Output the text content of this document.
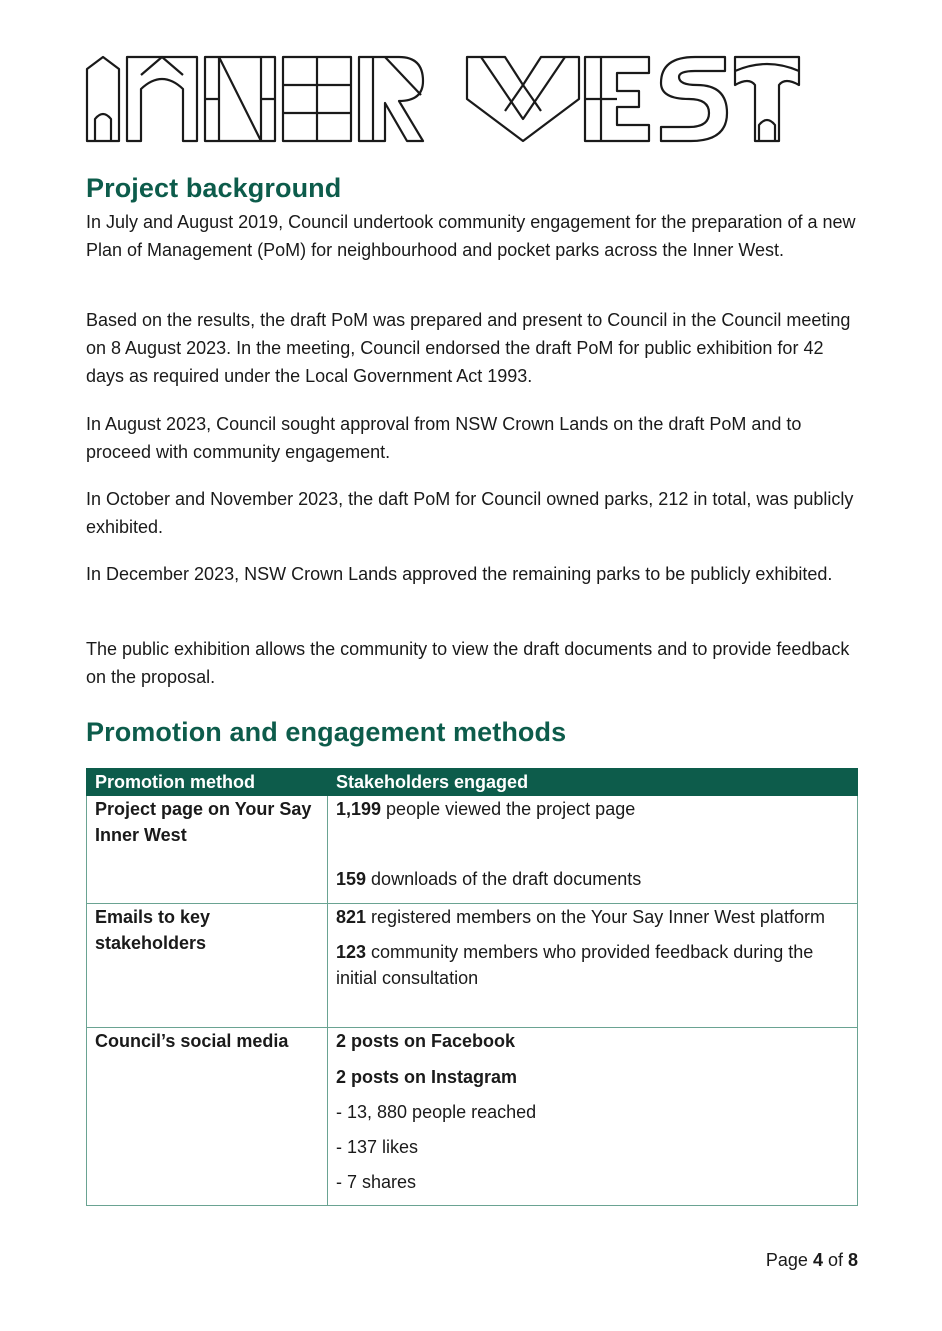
Project background

In July and August 2019, Council undertook community engagement for the preparation of a new Plan of Management (PoM) for neighbourhood and pocket parks across the Inner West.

Based on the results, the draft PoM was prepared and present to Council in the Council meeting on 8 August 2023. In the meeting, Council endorsed the draft PoM for public exhibition for 42 days as required under the Local Government Act 1993.

In August 2023, Council sought approval from NSW Crown Lands on the draft PoM and to proceed with community engagement.

In October and November 2023, the daft PoM for Council owned parks, 212 in total, was publicly exhibited.

In December 2023, NSW Crown Lands approved the remaining parks to be publicly exhibited.

The public exhibition allows the community to view the draft documents and to provide feedback on the proposal.

Promotion and engagement methods
Promotion method	Stakeholders engaged
Project page on Your Say Inner West	1,199 people viewed the project page
159 downloads of the draft documents

Emails to key stakeholders	821 registered members on the Your Say Inner West platform
123 community members who provided feedback during the initial consultation

Council’s social media	2 posts on Facebook
2 posts on Instagram
- 13, 880 people reached
- 137 likes
- 7 shares
Page 4 of 8
